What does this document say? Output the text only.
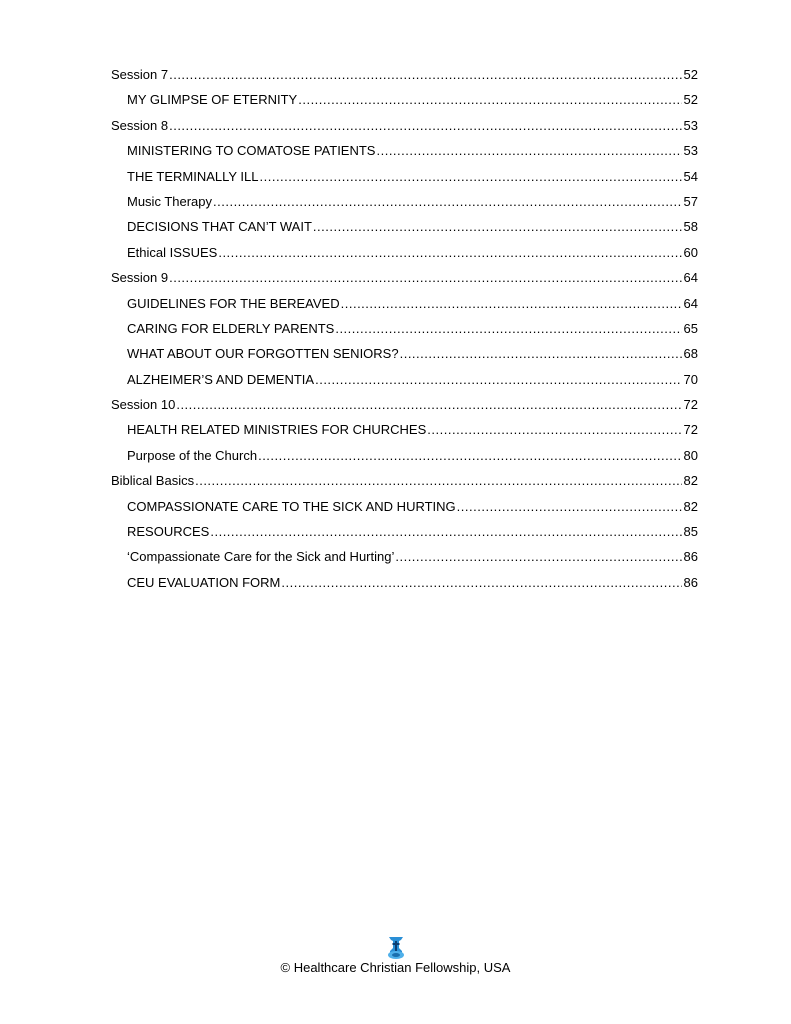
Session 7 .....	52
MY GLIMPSE OF ETERNITY .....	52
Session 8 .....	53
MINISTERING TO COMATOSE PATIENTS .....	53
THE TERMINALLY ILL .....	54
Music Therapy .....	57
DECISIONS THAT CAN’T WAIT .....	58
Ethical ISSUES .....	60
Session 9 .....	64
GUIDELINES FOR THE BEREAVED .....	64
CARING FOR ELDERLY PARENTS .....	65
WHAT ABOUT OUR FORGOTTEN SENIORS? .....	68
ALZHEIMER’S AND DEMENTIA .....	70
Session 10 .....	72
HEALTH RELATED MINISTRIES FOR CHURCHES .....	72
Purpose of the Church .....	80
Biblical Basics .....	82
COMPASSIONATE CARE TO THE SICK AND HURTING .....	82
RESOURCES .....	85
‘Compassionate Care for the Sick and Hurting’ .....	86
CEU EVALUATION FORM .....	86
© Healthcare Christian Fellowship, USA
